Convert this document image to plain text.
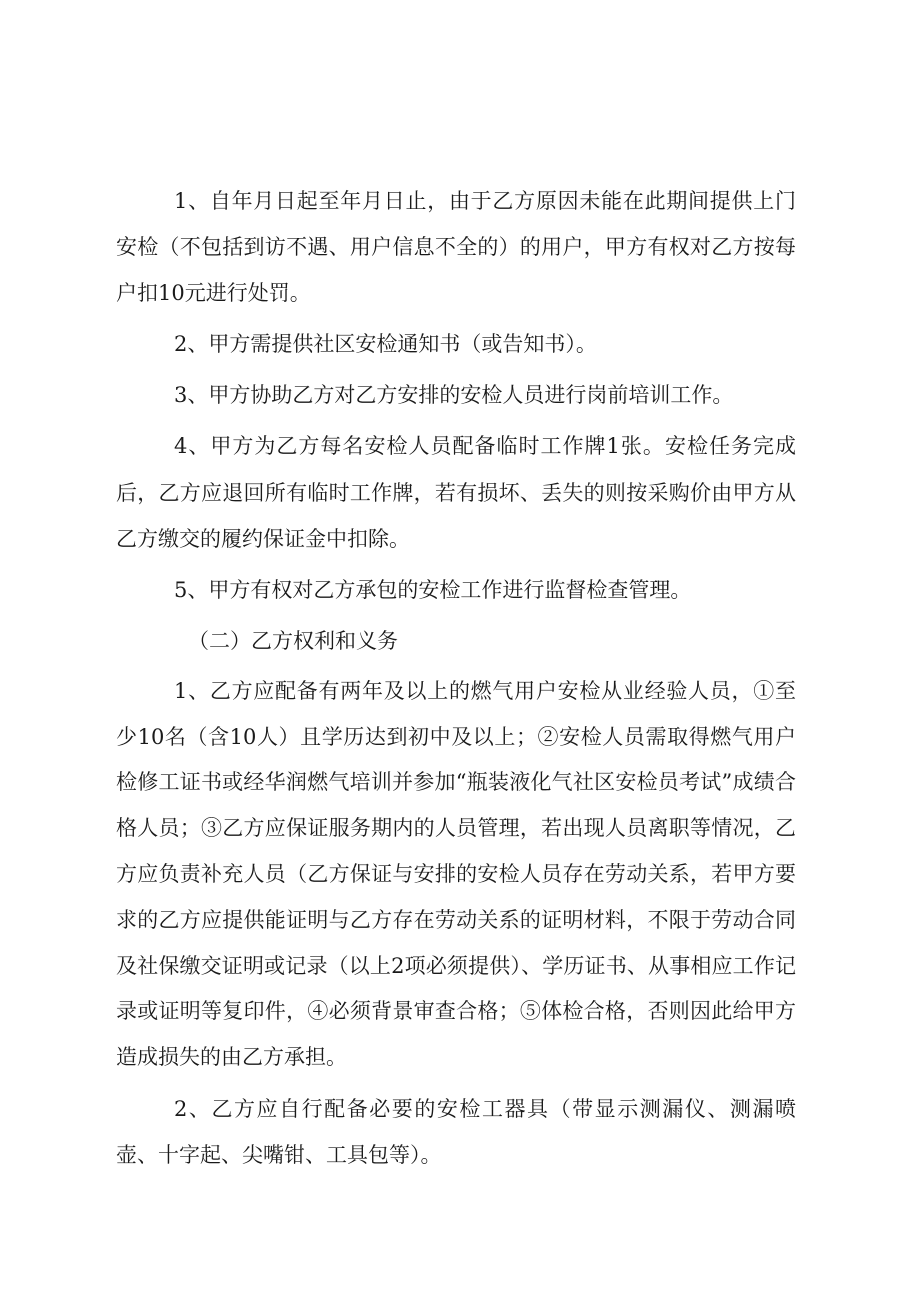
1、自年月日起至年月日止，由于乙方原因未能在此期间提供上门安检（不包括到访不遇、用户信息不全的）的用户，甲方有权对乙方按每户扣10元进行处罚。

2、甲方需提供社区安检通知书（或告知书）。

3、甲方协助乙方对乙方安排的安检人员进行岗前培训工作。

4、甲方为乙方每名安检人员配备临时工作牌1张。安检任务完成后，乙方应退回所有临时工作牌，若有损坏、丢失的则按采购价由甲方从乙方缴交的履约保证金中扣除。

5、甲方有权对乙方承包的安检工作进行监督检查管理。

（二）乙方权利和义务

1、乙方应配备有两年及以上的燃气用户安检从业经验人员，①至少10名（含10人）且学历达到初中及以上；②安检人员需取得燃气用户检修工证书或经华润燃气培训并参加“瓶装液化气社区安检员考试”成绩合格人员；③乙方应保证服务期内的人员管理，若出现人员离职等情况，乙方应负责补充人员（乙方保证与安排的安检人员存在劳动关系，若甲方要求的乙方应提供能证明与乙方存在劳动关系的证明材料，不限于劳动合同及社保缴交证明或记录（以上2项必须提供）、学历证书、从事相应工作记录或证明等复印件，④必须背景审查合格；⑤体检合格，否则因此给甲方造成损失的由乙方承担。

2、乙方应自行配备必要的安检工器具（带显示测漏仪、测漏喷壶、十字起、尖嘴钳、工具包等）。
